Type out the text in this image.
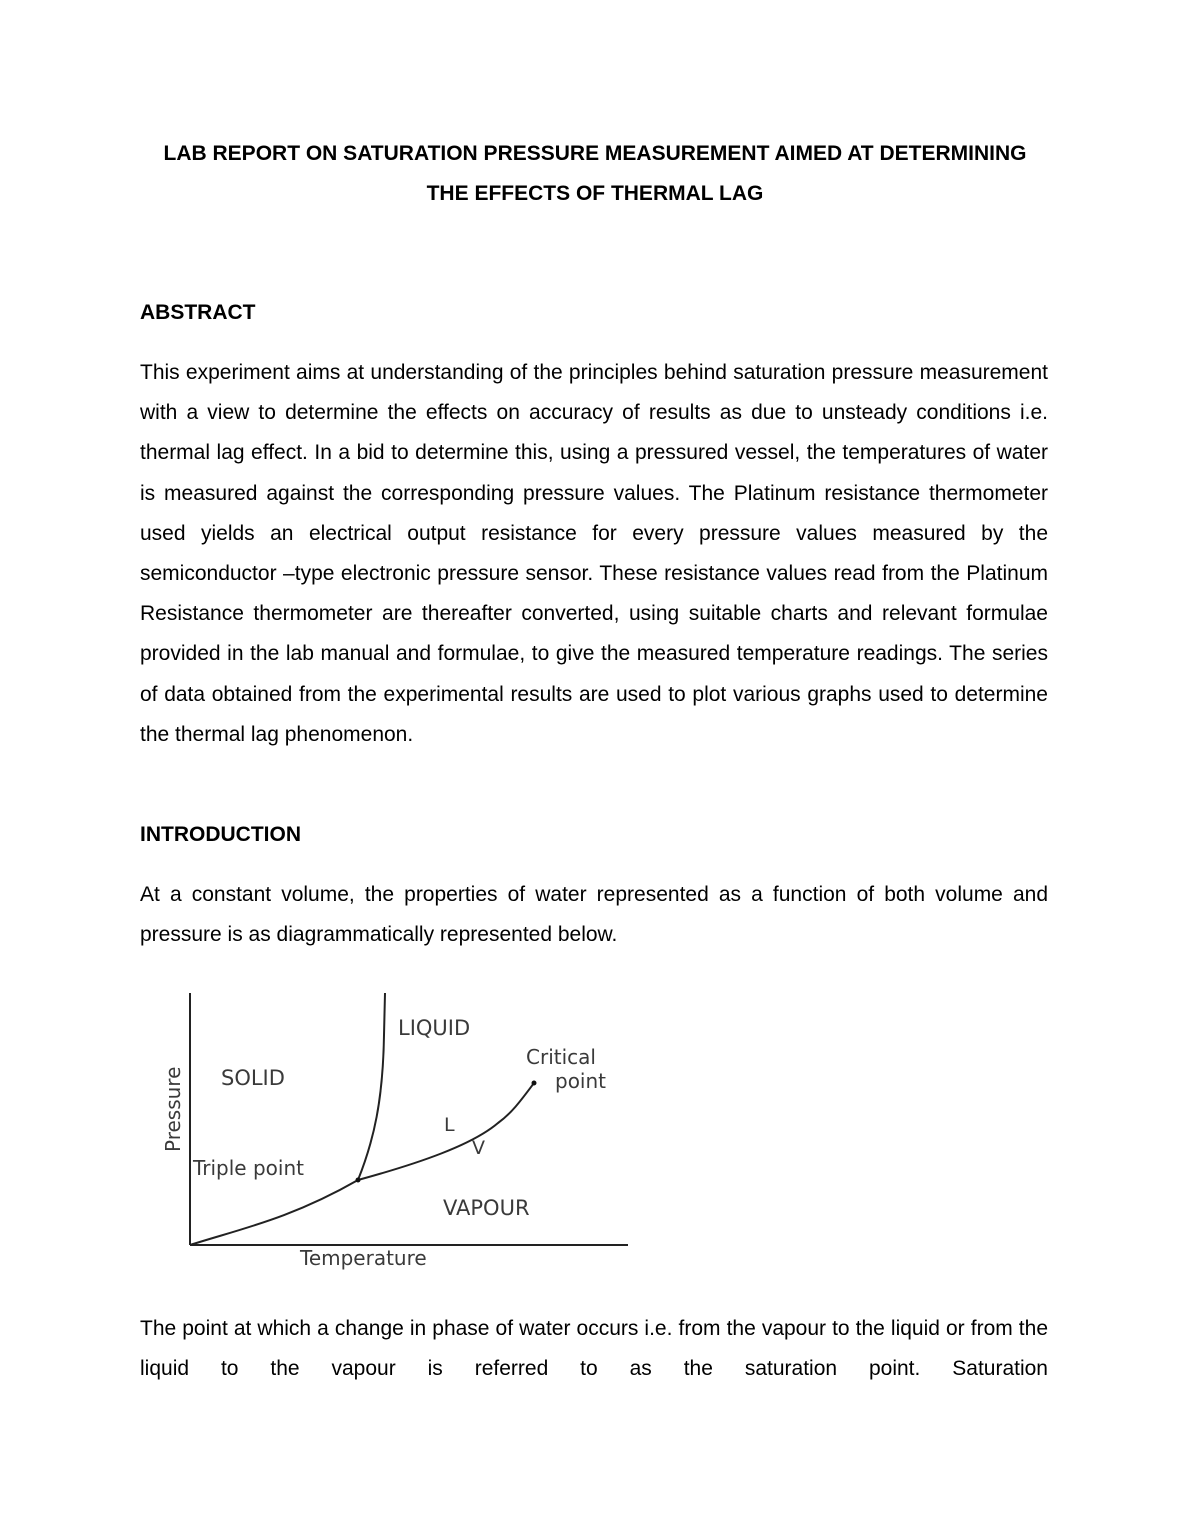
LAB REPORT ON SATURATION PRESSURE MEASUREMENT AIMED AT DETERMINING THE EFFECTS OF THERMAL LAG
ABSTRACT
This experiment aims at understanding of the principles behind saturation pressure measurement with a view to determine the effects on accuracy of results as due to unsteady conditions i.e. thermal lag effect. In a bid to determine this, using a pressured vessel, the temperatures of water is measured against the corresponding pressure values. The Platinum resistance thermometer used yields an electrical output resistance for every pressure values measured by the semiconductor –type electronic pressure sensor. These resistance values read from the Platinum Resistance thermometer are thereafter converted, using suitable charts and relevant formulae provided in the lab manual and formulae, to give the measured temperature readings. The series of data obtained from the experimental results are used to plot various graphs used to determine the thermal lag phenomenon.
INTRODUCTION
At a constant volume, the properties of water represented as a function of both volume and pressure is as diagrammatically represented below.
LIQUID
SOLID
VAPOUR
Critical
point
Triple point
L
V
Temperature
Pressure
The point at which a change in phase of water occurs i.e. from the vapour to the liquid or from the liquid to the vapour is referred to as the saturation point. Saturation
